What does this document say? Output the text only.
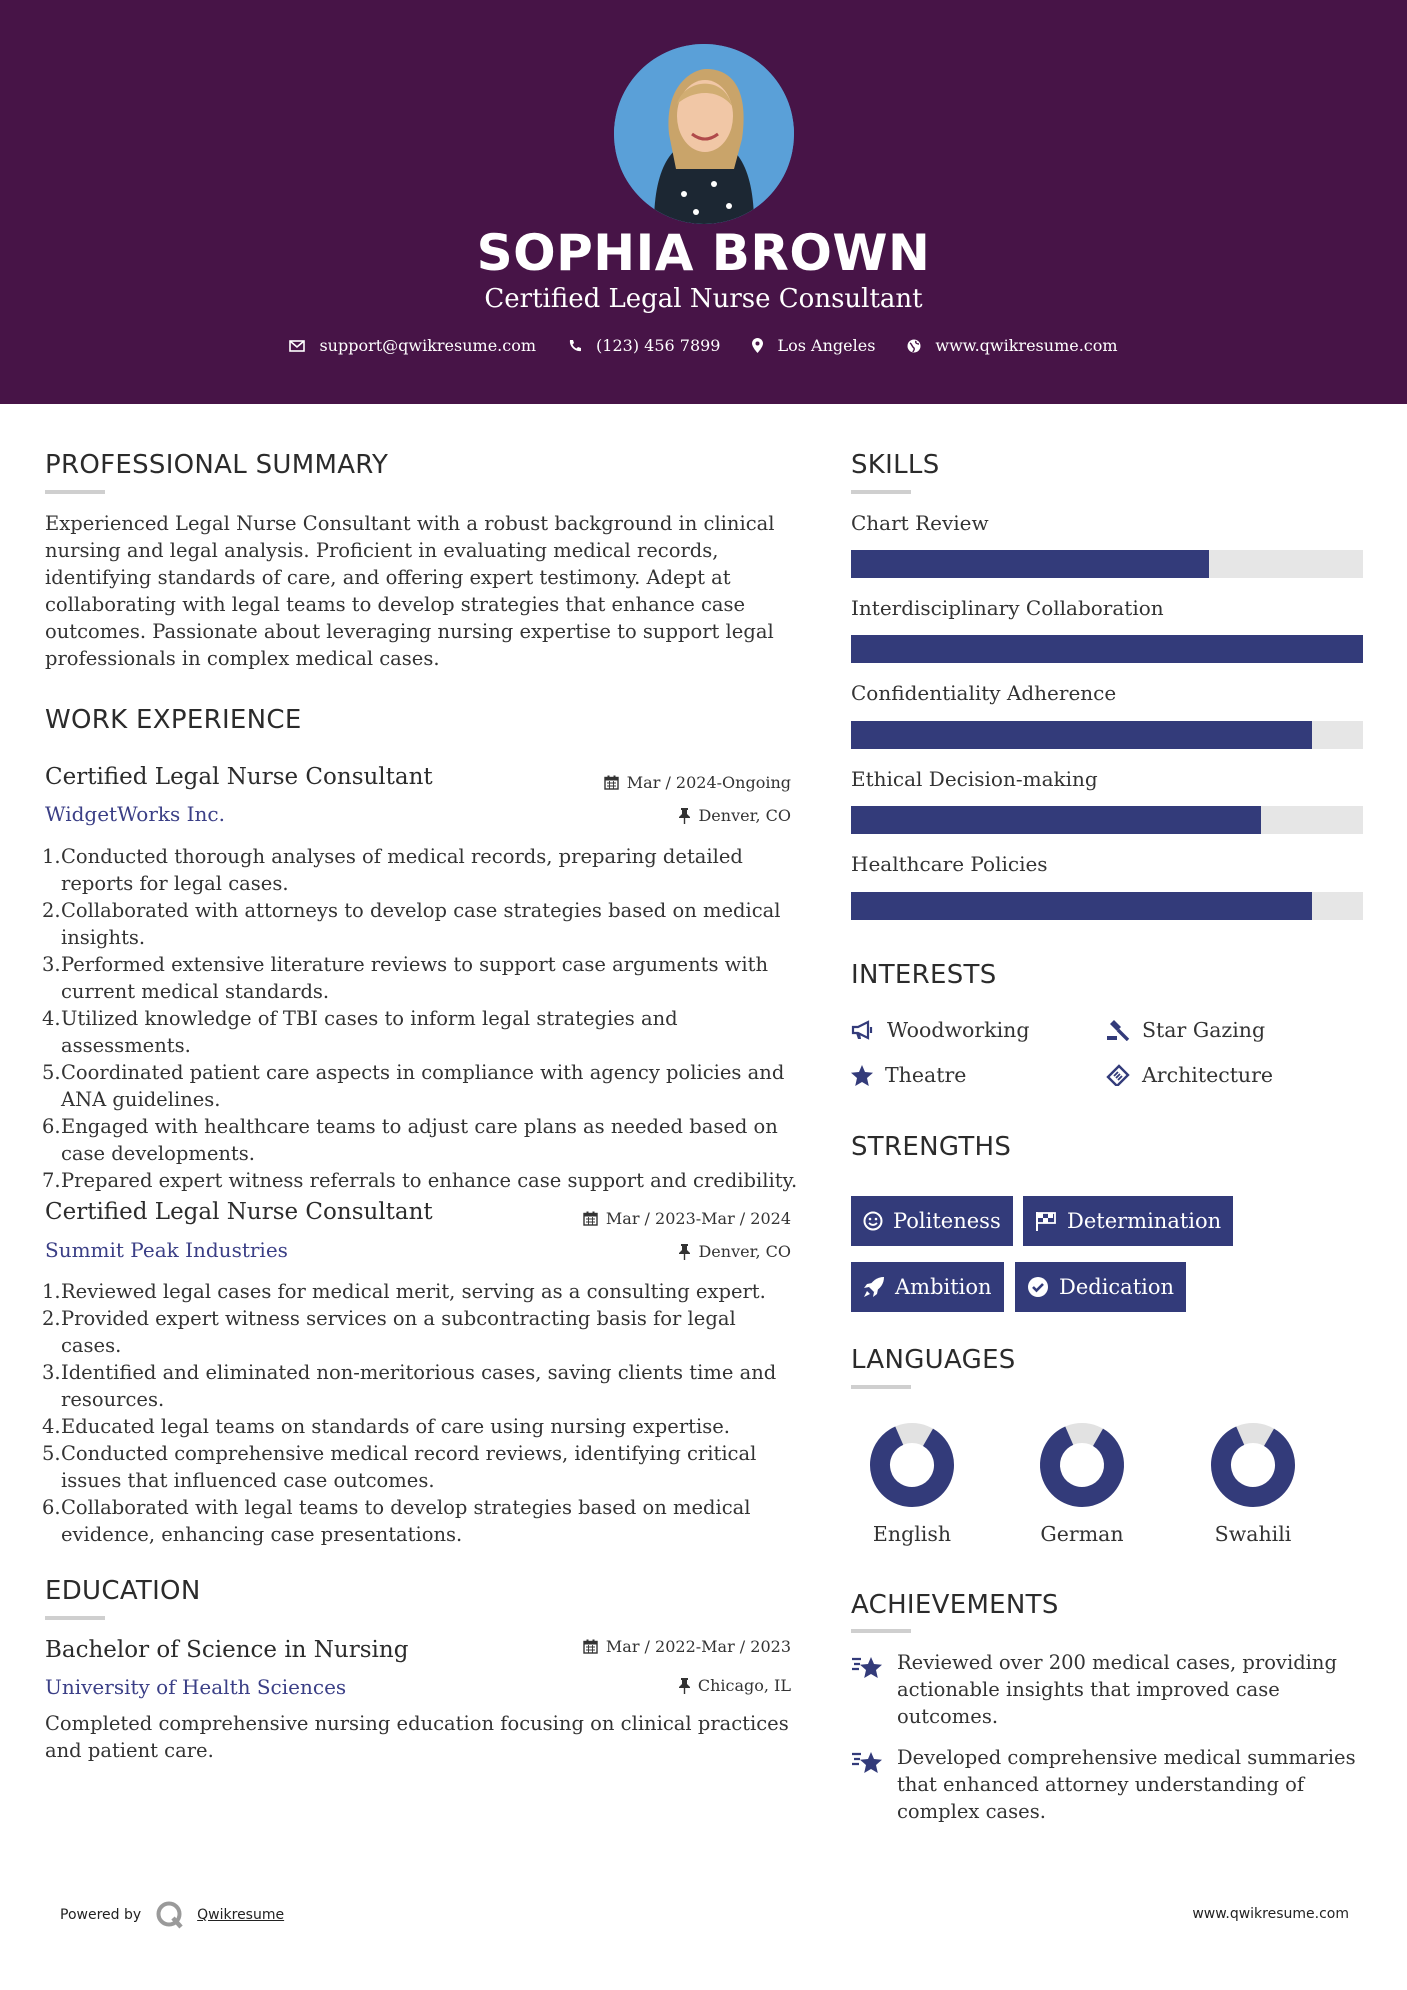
SOPHIA BROWN
Certified Legal Nurse Consultant
support@qwikresume.com	(123) 456 7899	Los Angeles	www.qwikresume.com
PROFESSIONAL SUMMARY
Experienced Legal Nurse Consultant with a robust background in clinical
nursing and legal analysis. Proficient in evaluating medical records,
identifying standards of care, and offering expert testimony. Adept at
collaborating with legal teams to develop strategies that enhance case
outcomes. Passionate about leveraging nursing expertise to support legal
professionals in complex medical cases.
WORK EXPERIENCE
Certified Legal Nurse Consultant	Mar / 2024-Ongoing
WidgetWorks Inc.	Denver, CO
1. Conducted thorough analyses of medical records, preparing detailed
reports for legal cases.
2. Collaborated with attorneys to develop case strategies based on medical
insights.
3. Performed extensive literature reviews to support case arguments with
current medical standards.
4. Utilized knowledge of TBI cases to inform legal strategies and assessments.
5. Coordinated patient care aspects in compliance with agency policies and
ANA guidelines.
6. Engaged with healthcare teams to adjust care plans as needed based on
case developments.
7. Prepared expert witness referrals to enhance case support and credibility.
Certified Legal Nurse Consultant	Mar / 2023-Mar / 2024
Summit Peak Industries	Denver, CO
1. Reviewed legal cases for medical merit, serving as a consulting expert.
2. Provided expert witness services on a subcontracting basis for legal cases.
3. Identified and eliminated non-meritorious cases, saving clients time and
resources.
4. Educated legal teams on standards of care using nursing expertise.
5. Conducted comprehensive medical record reviews, identifying critical
issues that influenced case outcomes.
6. Collaborated with legal teams to develop strategies based on medical
evidence, enhancing case presentations.
EDUCATION
Bachelor of Science in Nursing	Mar / 2022-Mar / 2023
University of Health Sciences	Chicago, IL
Completed comprehensive nursing education focusing on clinical practices
and patient care.
SKILLS
Chart Review
Interdisciplinary Collaboration
Confidentiality Adherence
Ethical Decision-making
Healthcare Policies
INTERESTS
Woodworking	Star Gazing
Theatre	Architecture
STRENGTHS
Politeness	Determination
Ambition	Dedication
LANGUAGES
English	German	Swahili
ACHIEVEMENTS
Reviewed over 200 medical cases, providing
actionable insights that improved case
outcomes.
Developed comprehensive medical summaries
that enhanced attorney understanding of
complex cases.
Powered by	Qwikresume	www.qwikresume.com
